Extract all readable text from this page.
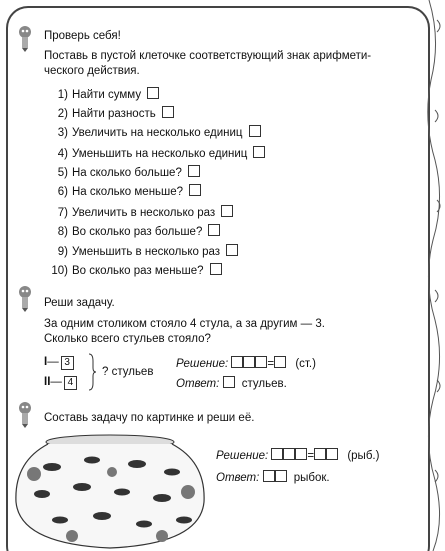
Проверь себя!
Поставь в пустой клеточке соответствующий знак арифмети-
ческого действия.
1) Найти сумму
2) Найти разность
3) Увеличить на несколько единиц
4) Уменьшить на несколько единиц
5) На сколько больше?
6) На сколько меньше?
7) Увеличить в несколько раз
8) Во сколько раз больше?
9) Уменьшить в несколько раз
10) Во сколько раз меньше?
Реши задачу.
За одним столиком стояло 4 стула, а за другим — 3.
Сколько всего стульев стояло?
I— 3
II— 4
? стульев
Решение:	= (ст.)
Ответ: стульев.
Составь задачу по картинке и реши её.
Решение:	=	(рыб.)
Ответ:	рыбок.
